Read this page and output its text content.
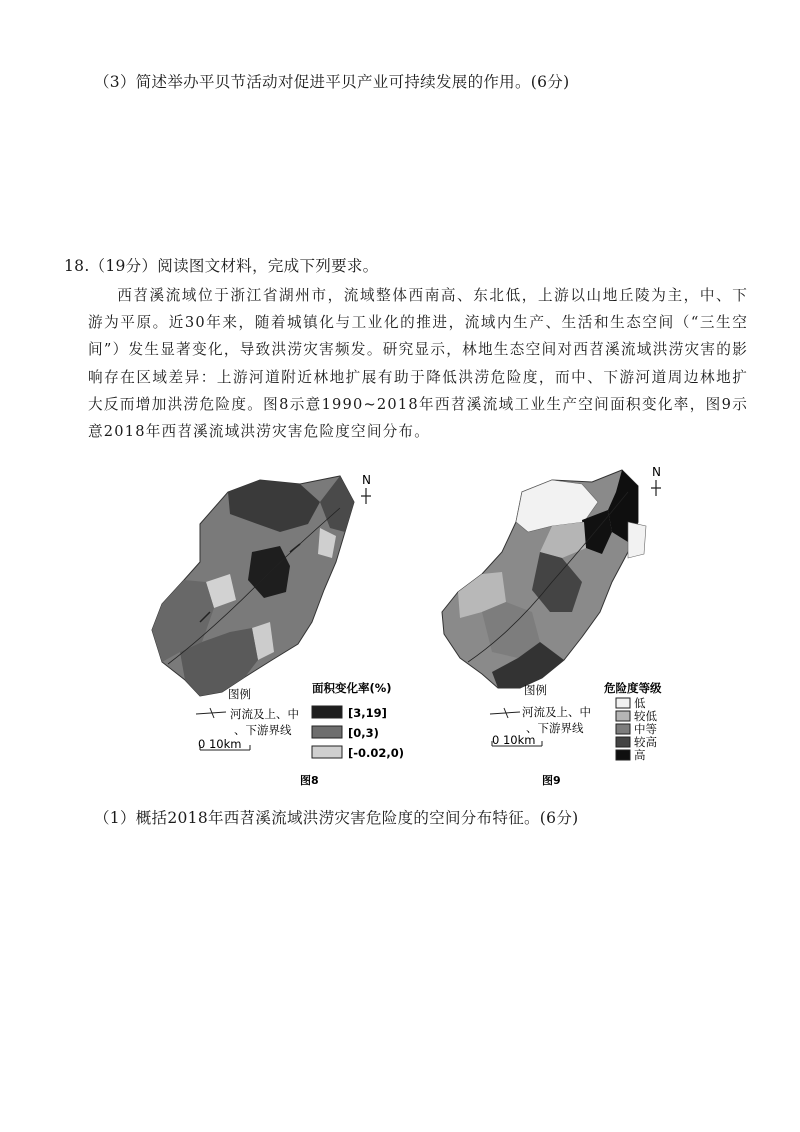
（3）简述举办平贝节活动对促进平贝产业可持续发展的作用。(6分)
18.（19分）阅读图文材料，完成下列要求。

西苕溪流域位于浙江省湖州市，流域整体西南高、东北低，上游以山地丘陵为主，中、下游为平原。近30年来，随着城镇化与工业化的推进，流域内生产、生活和生态空间（“三生空间”）发生显著变化，导致洪涝灾害频发。研究显示，林地生态空间对西苕溪流域洪涝灾害的影响存在区域差异：上游河道附近林地扩展有助于降低洪涝危险度，而中、下游河道周边林地扩大反而增加洪涝危险度。图8示意1990~2018年西苕溪流域工业生产空间面积变化率，图9示意2018年西苕溪流域洪涝灾害危险度空间分布。

N
图例
河流及上、中
、下游界线
0 10km
面积变化率(%)
[3,19]
[0,3)
[-0.02,0)
图8
N
图例
河流及上、中
、下游界线
0 10km
危险度等级
低
较低
中等
较高
高
图9
（1）概括2018年西苕溪流域洪涝灾害危险度的空间分布特征。(6分)
